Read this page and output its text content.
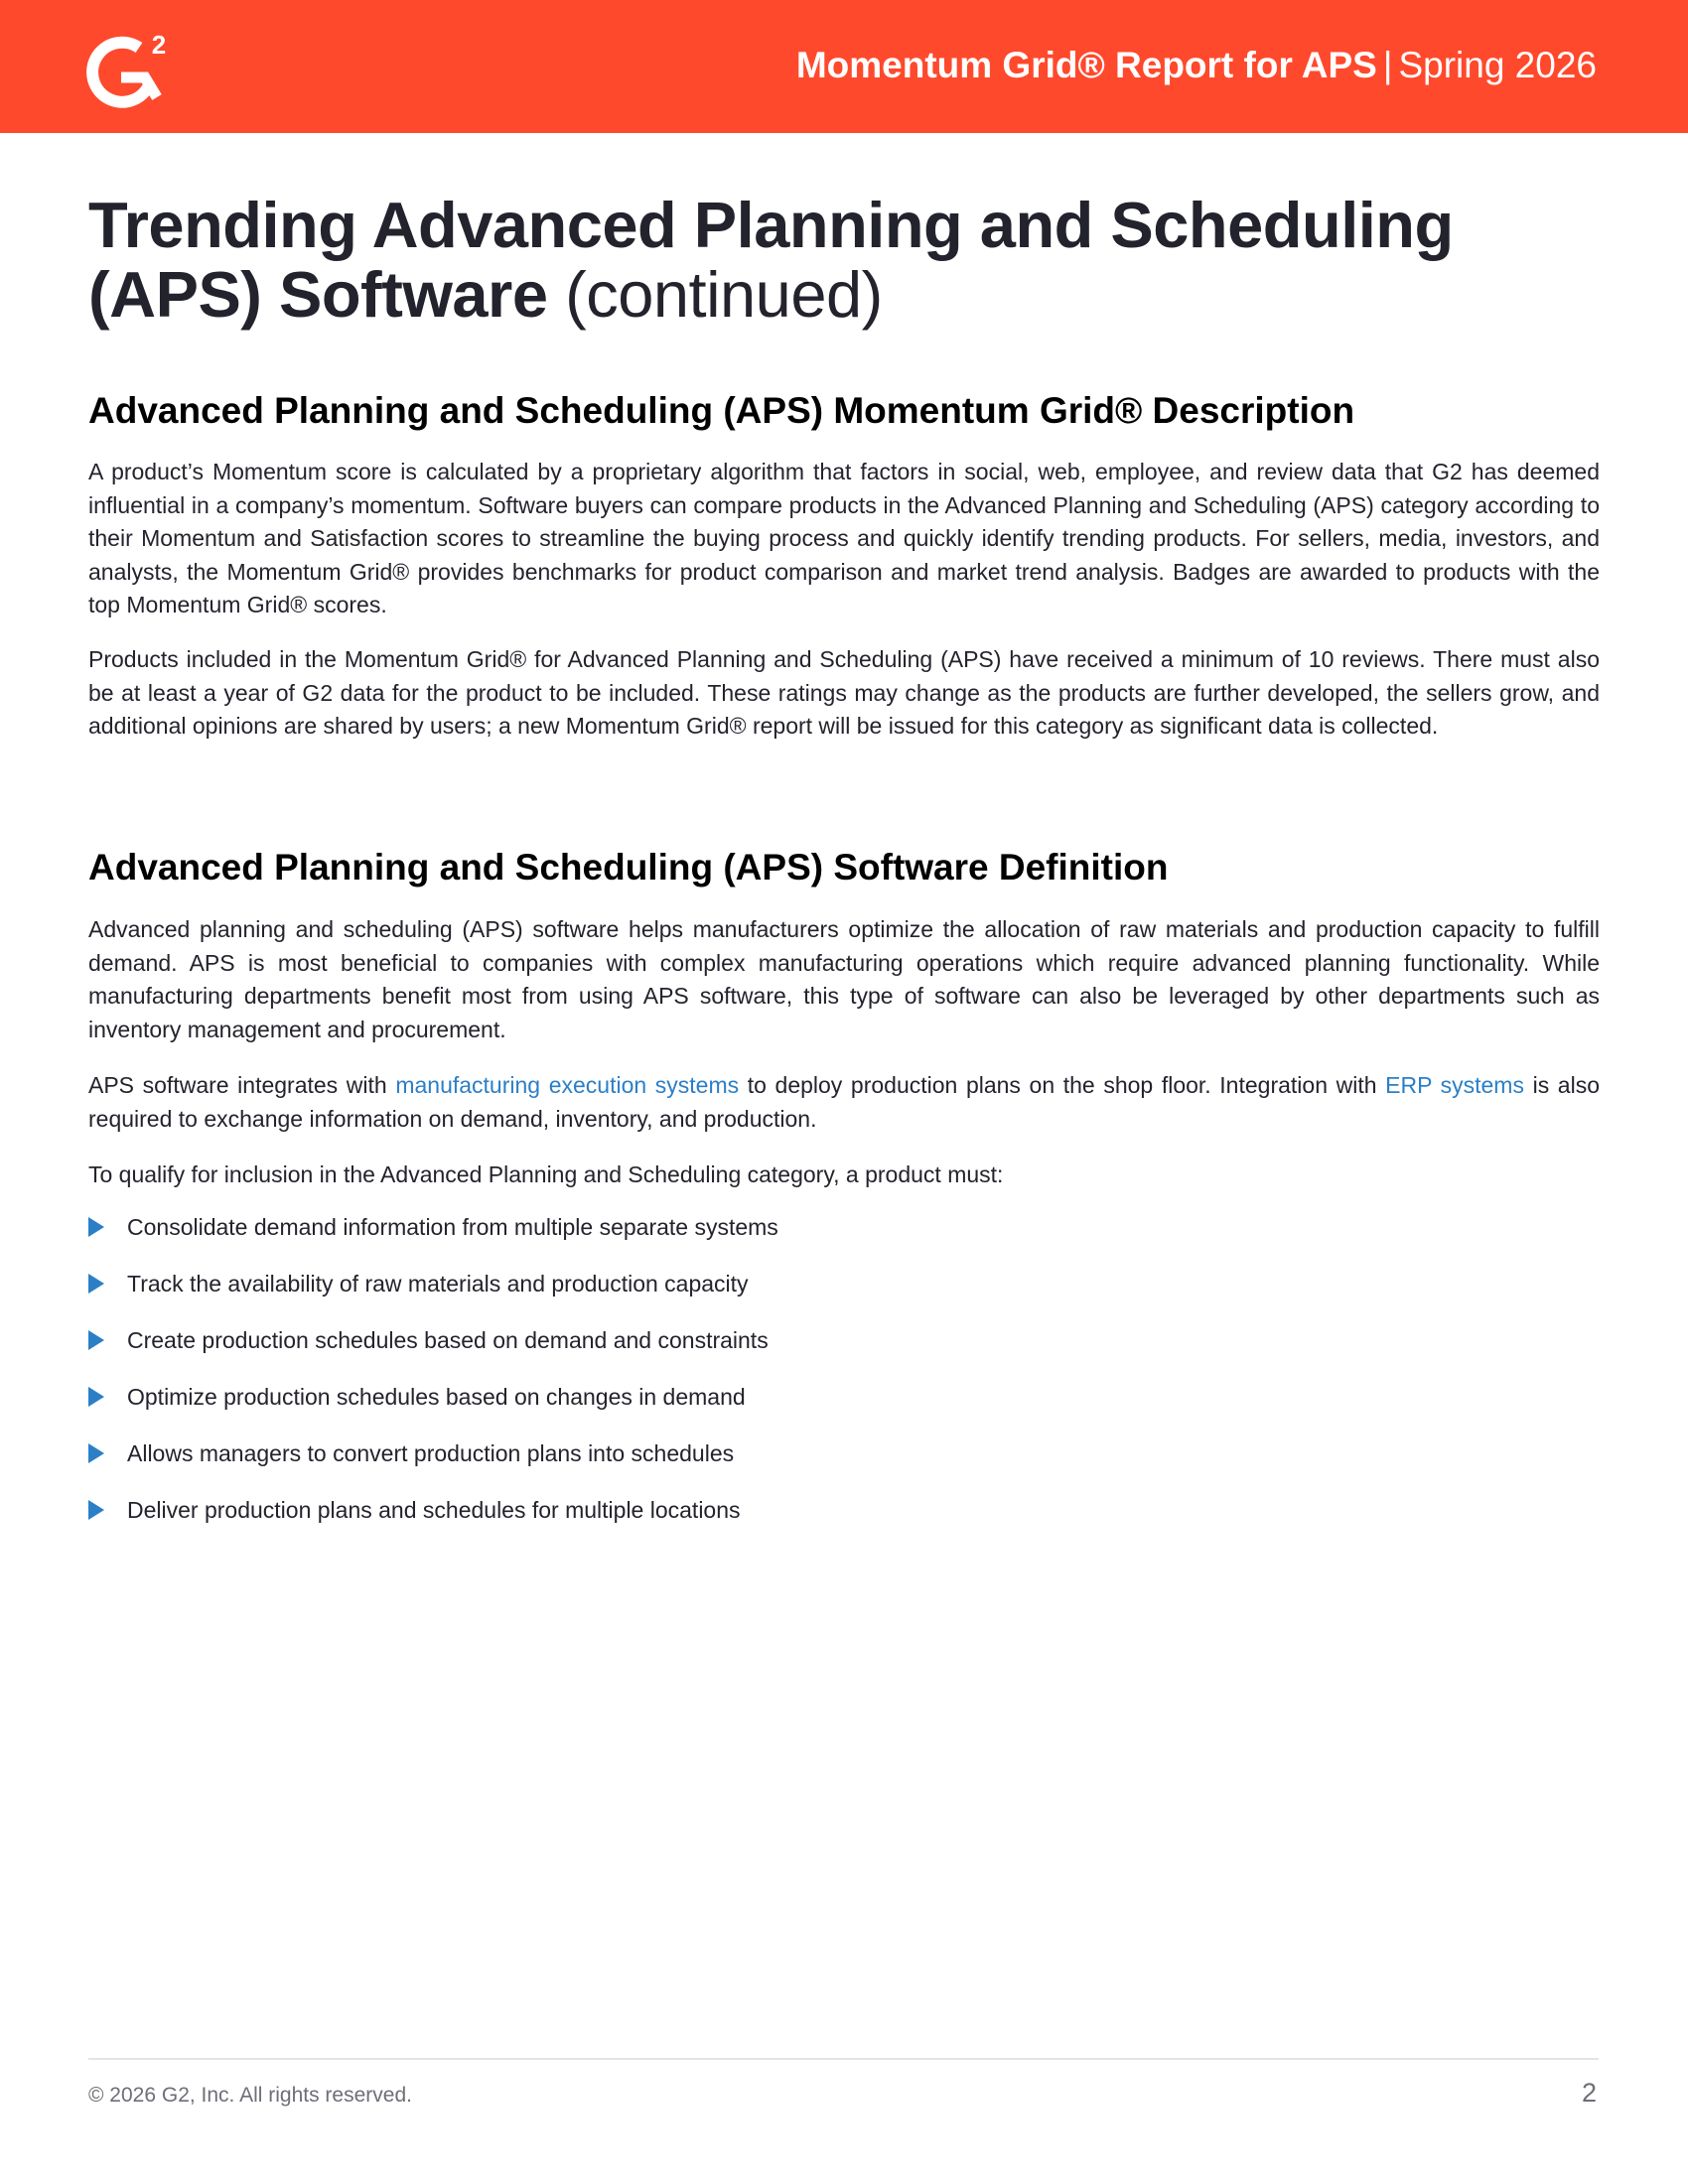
2	Momentum Grid® Report for APS | Spring 2026
Trending Advanced Planning and Scheduling (APS) Software (continued)
Advanced Planning and Scheduling (APS) Momentum Grid® Description

A product’s Momentum score is calculated by a proprietary algorithm that factors in social, web, employee, and review data that G2 has deemed influential in a company’s momentum. Software buyers can compare products in the Advanced Planning and Scheduling (APS) category according to their Momentum and Satisfaction scores to streamline the buying process and quickly identify trending products. For sellers, media, investors, and analysts, the Momentum Grid® provides benchmarks for product comparison and market trend analysis. Badges are awarded to products with the top Momentum Grid® scores.

Products included in the Momentum Grid® for Advanced Planning and Scheduling (APS) have received a minimum of 10 reviews. There must also be at least a year of G2 data for the product to be included. These ratings may change as the products are further developed, the sellers grow, and additional opinions are shared by users; a new Momentum Grid® report will be issued for this category as significant data is collected.

Advanced Planning and Scheduling (APS) Software Definition

Advanced planning and scheduling (APS) software helps manufacturers optimize the allocation of raw materials and production capacity to fulfill demand. APS is most beneficial to companies with complex manufacturing operations which require advanced planning functionality. While manufacturing departments benefit most from using APS software, this type of software can also be leveraged by other departments such as inventory management and procurement.

APS software integrates with manufacturing execution systems to deploy production plans on the shop floor. Integration with ERP systems is also required to exchange information on demand, inventory, and production.

To qualify for inclusion in the Advanced Planning and Scheduling category, a product must:

Consolidate demand information from multiple separate systems
Track the availability of raw materials and production capacity
Create production schedules based on demand and constraints
Optimize production schedules based on changes in demand
Allows managers to convert production plans into schedules
Deliver production plans and schedules for multiple locations
© 2026 G2, Inc. All rights reserved.	2
